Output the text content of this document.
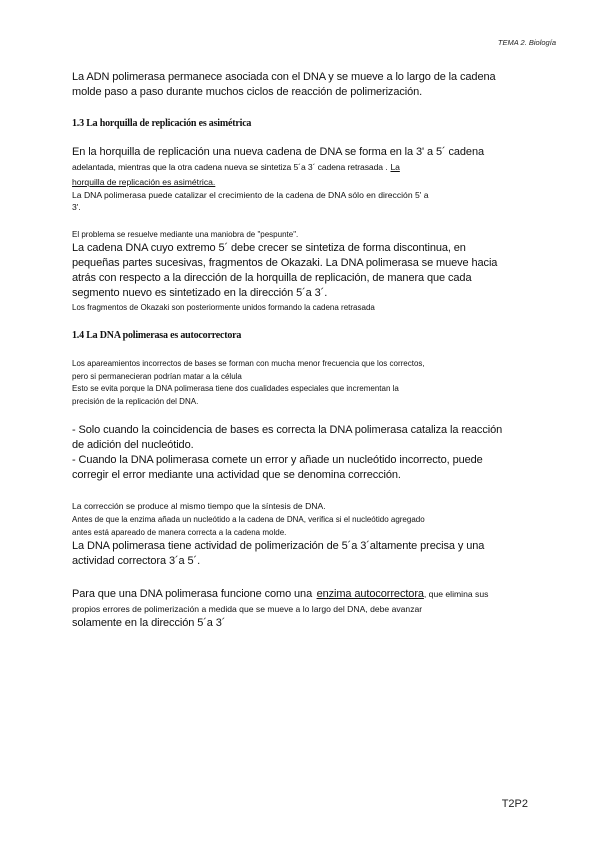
TEMA 2. Biología
La ADN polimerasa permanece asociada con el DNA y se mueve a lo largo de la cadena
molde paso a paso durante muchos ciclos de reacción de polimerización.
1.3 La horquilla de replicación es asimétrica
En la horquilla de replicación una nueva cadena de DNA se forma en la 3' a 5´ cadena
adelantada, mientras que la otra cadena nueva se sintetiza 5´a 3´ cadena retrasada . La
horquilla de replicación es asimétrica.
La DNA polimerasa puede catalizar el crecimiento de la cadena de DNA sólo en dirección 5' a
3'.
El problema se resuelve mediante una maniobra de "pespunte".
La cadena DNA cuyo extremo 5´ debe crecer se sintetiza de forma discontinua, en
pequeñas partes sucesivas, fragmentos de Okazaki. La DNA polimerasa se mueve hacia
atrás con respecto a la dirección de la horquilla de replicación, de manera que cada
segmento nuevo es sintetizado en la dirección 5´a 3´.
Los fragmentos de Okazaki son posteriormente unidos formando la cadena retrasada
1.4 La DNA polimerasa es autocorrectora
Los apareamientos incorrectos de bases se forman con mucha menor frecuencia que los correctos,
pero si permanecieran podrían matar a la célula
Esto se evita porque la DNA polimerasa tiene dos cualidades especiales que incrementan la
precisión de la replicación del DNA.
- Solo cuando la coincidencia de bases es correcta la DNA polimerasa cataliza la reacción
de adición del nucleótido.
- Cuando la DNA polimerasa comete un error y añade un nucleótido incorrecto, puede
corregir el error mediante una actividad que se denomina corrección.
La corrección se produce al mismo tiempo que la síntesis de DNA.
Antes de que la enzima añada un nucleótido a la cadena de DNA, verifica si el nucleótido agregado
antes está apareado de manera correcta a la cadena molde.
La DNA polimerasa tiene actividad de polimerización de 5´a 3´altamente precisa y una
actividad correctora 3´a 5´.
Para que una DNA polimerasa funcione como una enzima autocorrectora, que elimina sus
propios errores de polimerización a medida que se mueve a lo largo del DNA, debe avanzar
solamente en la dirección 5´a 3´
T2P2
